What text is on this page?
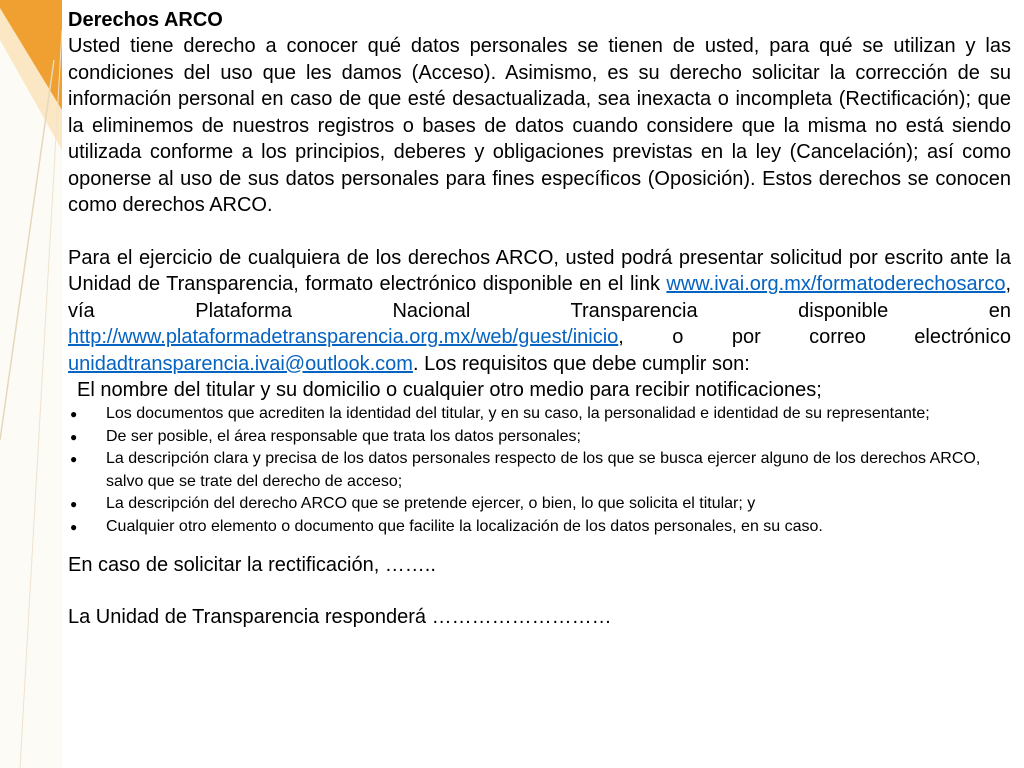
Derechos ARCO

Usted tiene derecho a conocer qué datos personales se tienen de usted, para qué se utilizan y las condiciones del uso que les damos (Acceso). Asimismo, es su derecho solicitar la corrección de su información personal en caso de que esté desactualizada, sea inexacta o incompleta (Rectificación); que la eliminemos de nuestros registros o bases de datos cuando considere que la misma no está siendo utilizada conforme a los principios, deberes y obligaciones previstas en la ley (Cancelación); así como oponerse al uso de sus datos personales para fines específicos (Oposición). Estos derechos se conocen como derechos ARCO.

Para el ejercicio de cualquiera de los derechos ARCO, usted podrá presentar solicitud por escrito ante la Unidad de Transparencia, formato electrónico disponible en el link www.ivai.org.mx/formatoderechosarco, vía Plataforma Nacional Transparencia disponible en http://www.plataformadetransparencia.org.mx/web/guest/inicio, o por correo electrónico unidadtransparencia.ivai@outlook.com. Los requisitos que debe cumplir son:

El nombre del titular y su domicilio o cualquier otro medio para recibir notificaciones;

● Los documentos que acrediten la identidad del titular, y en su caso, la personalidad e identidad de su representante;
● De ser posible, el área responsable que trata los datos personales;
● La descripción clara y precisa de los datos personales respecto de los que se busca ejercer alguno de los derechos ARCO, salvo que se trate del derecho de acceso;
● La descripción del derecho ARCO que se pretende ejercer, o bien, lo que solicita el titular; y
● Cualquier otro elemento o documento que facilite la localización de los datos personales, en su caso.

En caso de solicitar la rectificación, ……..

La Unidad de Transparencia responderá ………………………
